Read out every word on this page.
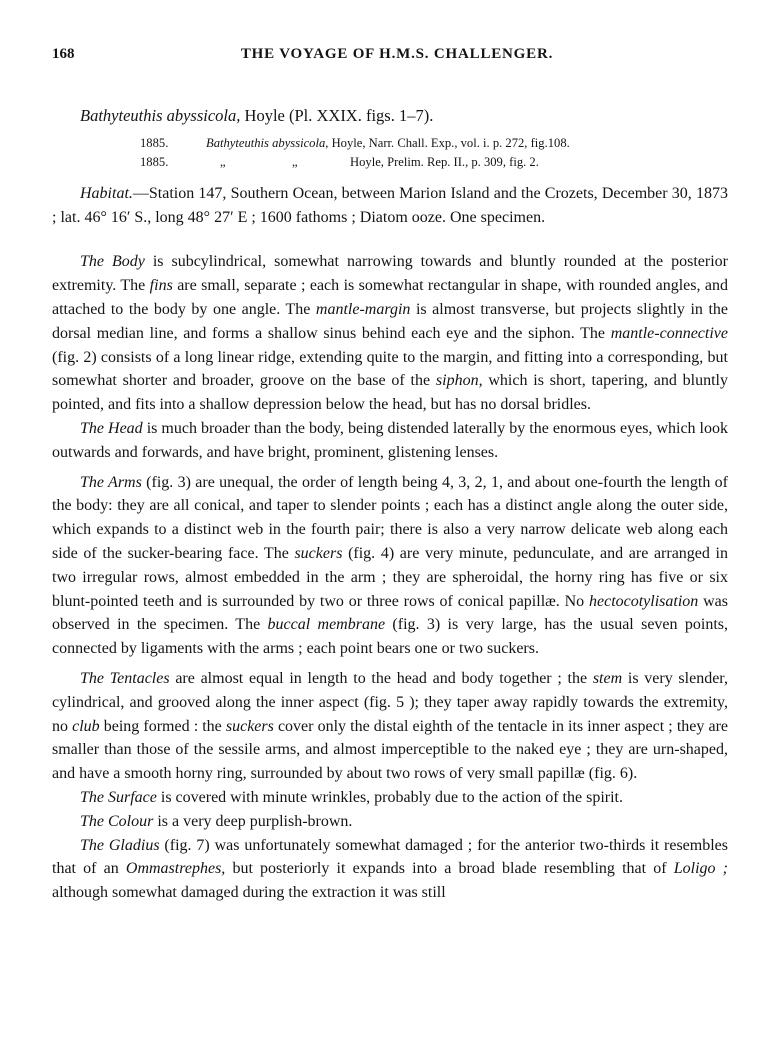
168	THE VOYAGE OF H.M.S. CHALLENGER.

Bathyteuthis abyssicola, Hoyle (Pl. XXIX. figs. 1–7).

1885.	Bathyteuthis abyssicola, Hoyle, Narr. Chall. Exp., vol. i. p. 272, fig.108.
1885.	„	„	Hoyle, Prelim. Rep. II., p. 309, fig. 2.

Habitat.—Station 147, Southern Ocean, between Marion Island and the Crozets, December 30, 1873 ; lat. 46° 16′ S., long 48° 27′ E ; 1600 fathoms ; Diatom ooze. One specimen.

The Body is subcylindrical, somewhat narrowing towards and bluntly rounded at the posterior extremity. The fins are small, separate ; each is somewhat rectangular in shape, with rounded angles, and attached to the body by one angle. The mantle-margin is almost transverse, but projects slightly in the dorsal median line, and forms a shallow sinus behind each eye and the siphon. The mantle-connective (fig. 2) consists of a long linear ridge, extending quite to the margin, and fitting into a corresponding, but somewhat shorter and broader, groove on the base of the siphon, which is short, tapering, and bluntly pointed, and fits into a shallow depression below the head, but has no dorsal bridles.

The Head is much broader than the body, being distended laterally by the enormous eyes, which look outwards and forwards, and have bright, prominent, glistening lenses.

The Arms (fig. 3) are unequal, the order of length being 4, 3, 2, 1, and about one-fourth the length of the body: they are all conical, and taper to slender points ; each has a distinct angle along the outer side, which expands to a distinct web in the fourth pair; there is also a very narrow delicate web along each side of the sucker-bearing face. The suckers (fig. 4) are very minute, pedunculate, and are arranged in two irregular rows, almost embedded in the arm ; they are spheroidal, the horny ring has five or six blunt-pointed teeth and is surrounded by two or three rows of conical papillæ. No hectocotylisation was observed in the specimen. The buccal membrane (fig. 3) is very large, has the usual seven points, connected by ligaments with the arms ; each point bears one or two suckers.

The Tentacles are almost equal in length to the head and body together ; the stem is very slender, cylindrical, and grooved along the inner aspect (fig. 5 ); they taper away rapidly towards the extremity, no club being formed : the suckers cover only the distal eighth of the tentacle in its inner aspect ; they are smaller than those of the sessile arms, and almost imperceptible to the naked eye ; they are urn-shaped, and have a smooth horny ring, surrounded by about two rows of very small papillæ (fig. 6).

The Surface is covered with minute wrinkles, probably due to the action of the spirit.

The Colour is a very deep purplish-brown.

The Gladius (fig. 7) was unfortunately somewhat damaged ; for the anterior two-thirds it resembles that of an Ommastrephes, but posteriorly it expands into a broad blade resembling that of Loligo ; although somewhat damaged during the extraction it was still
